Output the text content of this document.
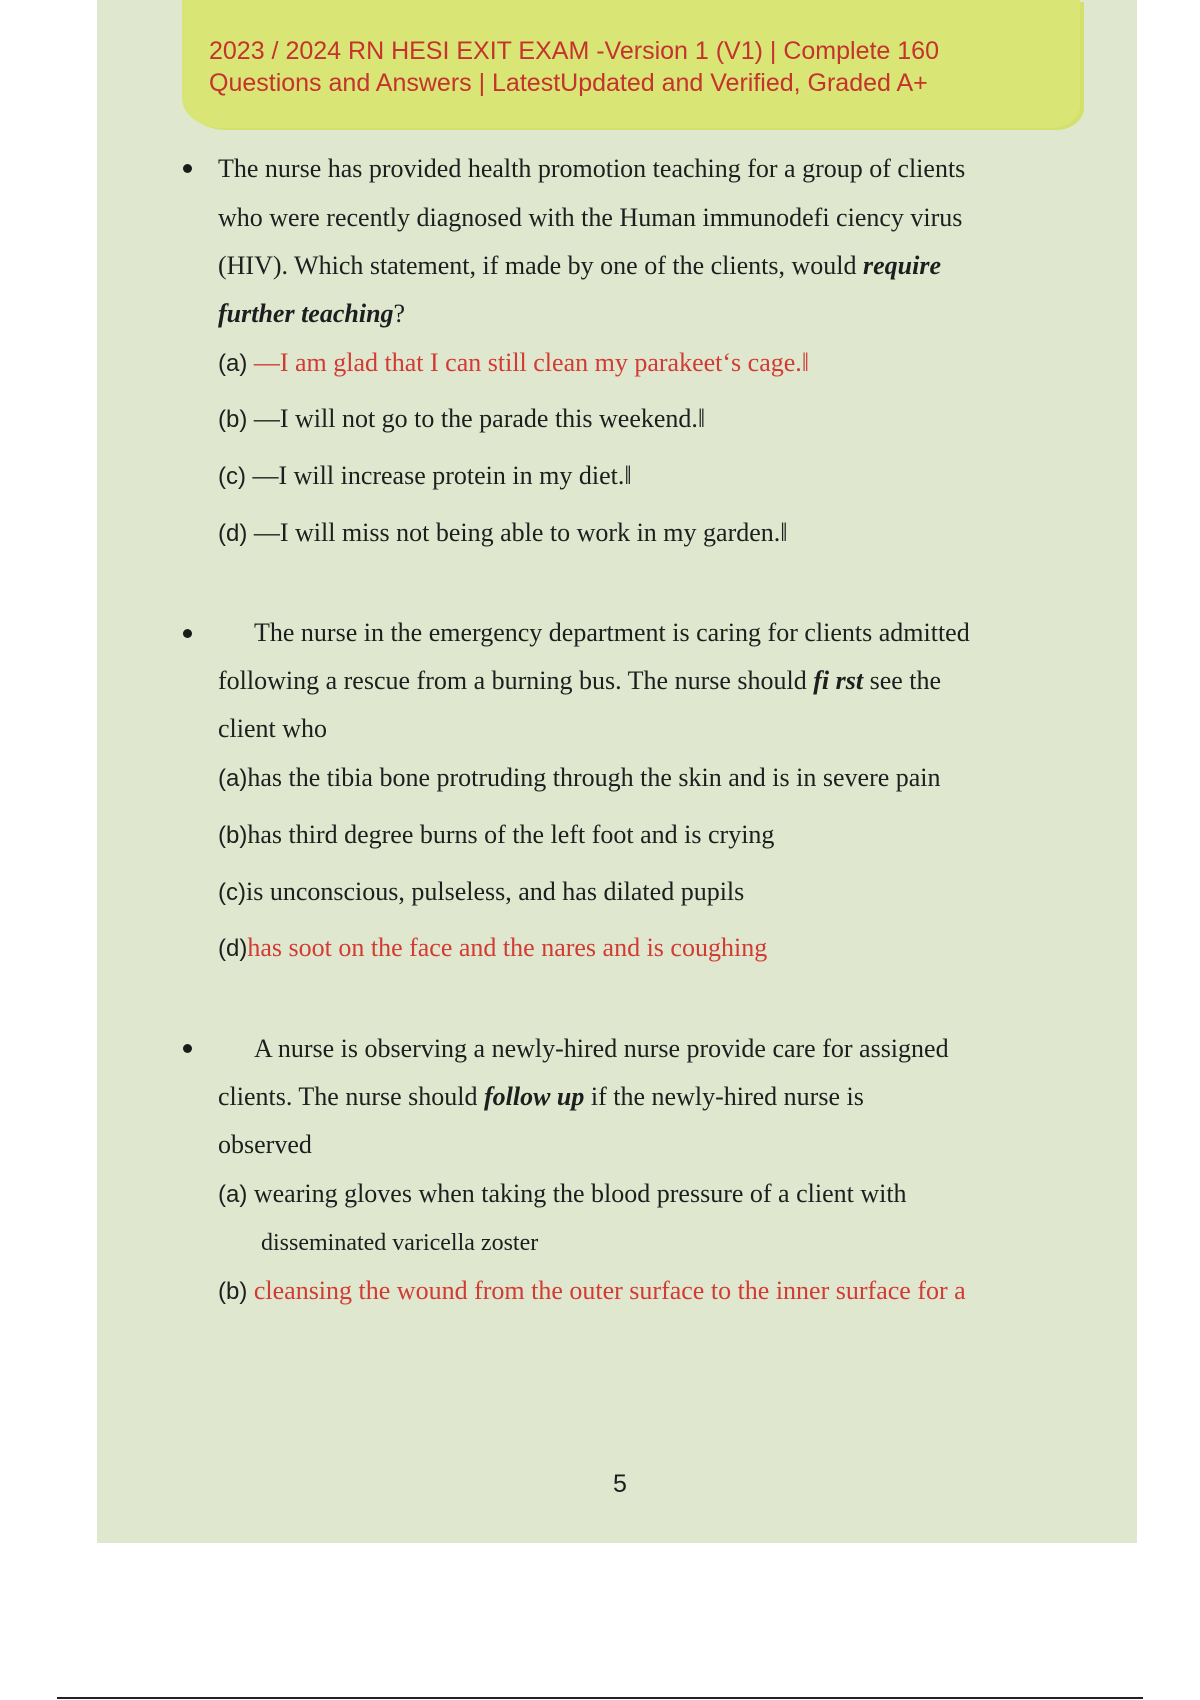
2023 / 2024 RN HESI EXIT EXAM -Version 1 (V1) | Complete 160
Questions and Answers | LatestUpdated and Verified, Graded A+
The nurse has provided health promotion teaching for a group of clients
who were recently diagnosed with the Human immunodefi ciency virus
(HIV). Which statement, if made by one of the clients, would require
further teaching?
(a) —I am glad that I can still clean my parakeet‘s cage.‖
(b) —I will not go to the parade this weekend.‖
(c) —I will increase protein in my diet.‖
(d) —I will miss not being able to work in my garden.‖
The nurse in the emergency department is caring for clients admitted
following a rescue from a burning bus. The nurse should fi rst see the
client who
(a)has the tibia bone protruding through the skin and is in severe pain
(b)has third degree burns of the left foot and is crying
(c)is unconscious, pulseless, and has dilated pupils
(d)has soot on the face and the nares and is coughing
A nurse is observing a newly-hired nurse provide care for assigned
clients. The nurse should follow up if the newly-hired nurse is
observed
(a) wearing gloves when taking the blood pressure of a client with
disseminated varicella zoster
(b) cleansing the wound from the outer surface to the inner surface for a
5
